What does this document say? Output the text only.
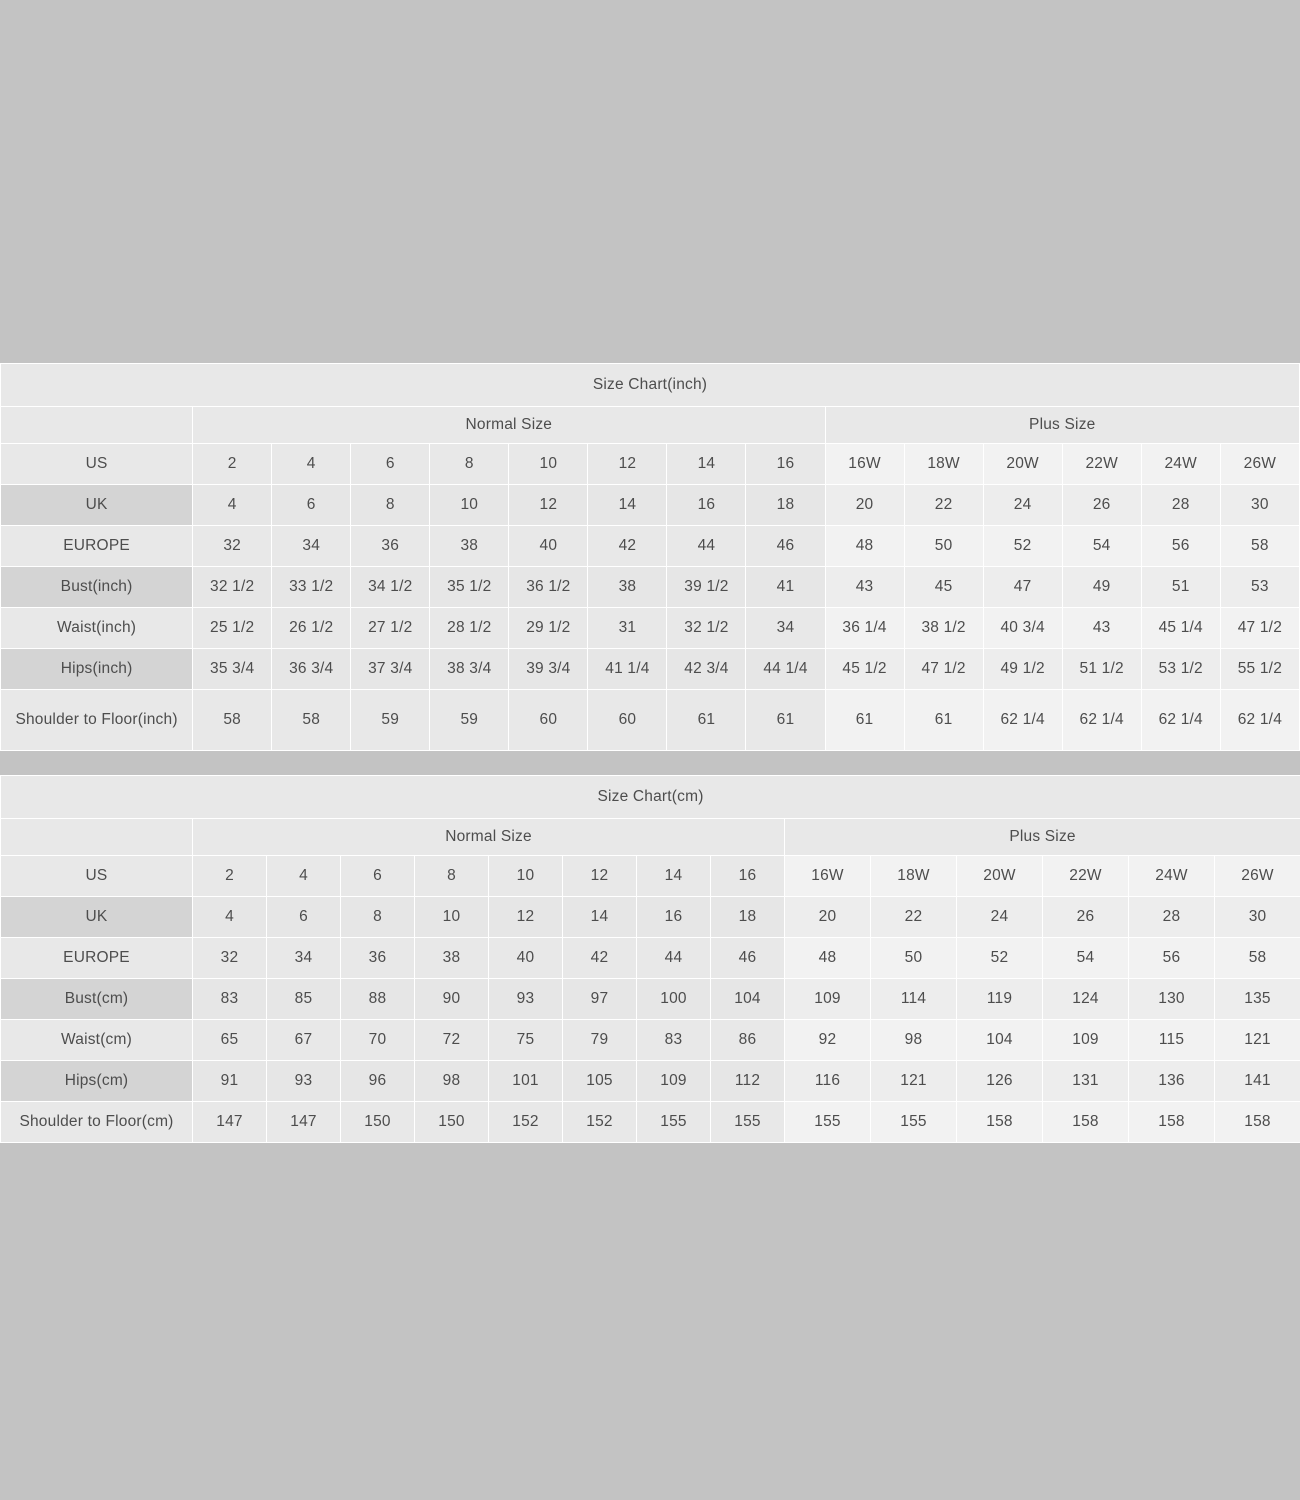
Size Chart(inch)														
	Normal Size								Plus Size					
US	2	4	6	8	10	12	14	16	16W	18W	20W	22W	24W	26W
UK	4	6	8	10	12	14	16	18	20	22	24	26	28	30
EUROPE	32	34	36	38	40	42	44	46	48	50	52	54	56	58
Bust(inch)	32 1/2	33 1/2	34 1/2	35 1/2	36 1/2	38	39 1/2	41	43	45	47	49	51	53
Waist(inch)	25 1/2	26 1/2	27 1/2	28 1/2	29 1/2	31	32 1/2	34	36 1/4	38 1/2	40 3/4	43	45 1/4	47 1/2
Hips(inch)	35 3/4	36 3/4	37 3/4	38 3/4	39 3/4	41 1/4	42 3/4	44 1/4	45 1/2	47 1/2	49 1/2	51 1/2	53 1/2	55 1/2
Shoulder to Floor(inch)	58	58	59	59	60	60	61	61	61	61	62 1/4	62 1/4	62 1/4	62 1/4
Size Chart(cm)														
	Normal Size								Plus Size					
US	2	4	6	8	10	12	14	16	16W	18W	20W	22W	24W	26W
UK	4	6	8	10	12	14	16	18	20	22	24	26	28	30
EUROPE	32	34	36	38	40	42	44	46	48	50	52	54	56	58
Bust(cm)	83	85	88	90	93	97	100	104	109	114	119	124	130	135
Waist(cm)	65	67	70	72	75	79	83	86	92	98	104	109	115	121
Hips(cm)	91	93	96	98	101	105	109	112	116	121	126	131	136	141
Shoulder to Floor(cm)	147	147	150	150	152	152	155	155	155	155	158	158	158	158
